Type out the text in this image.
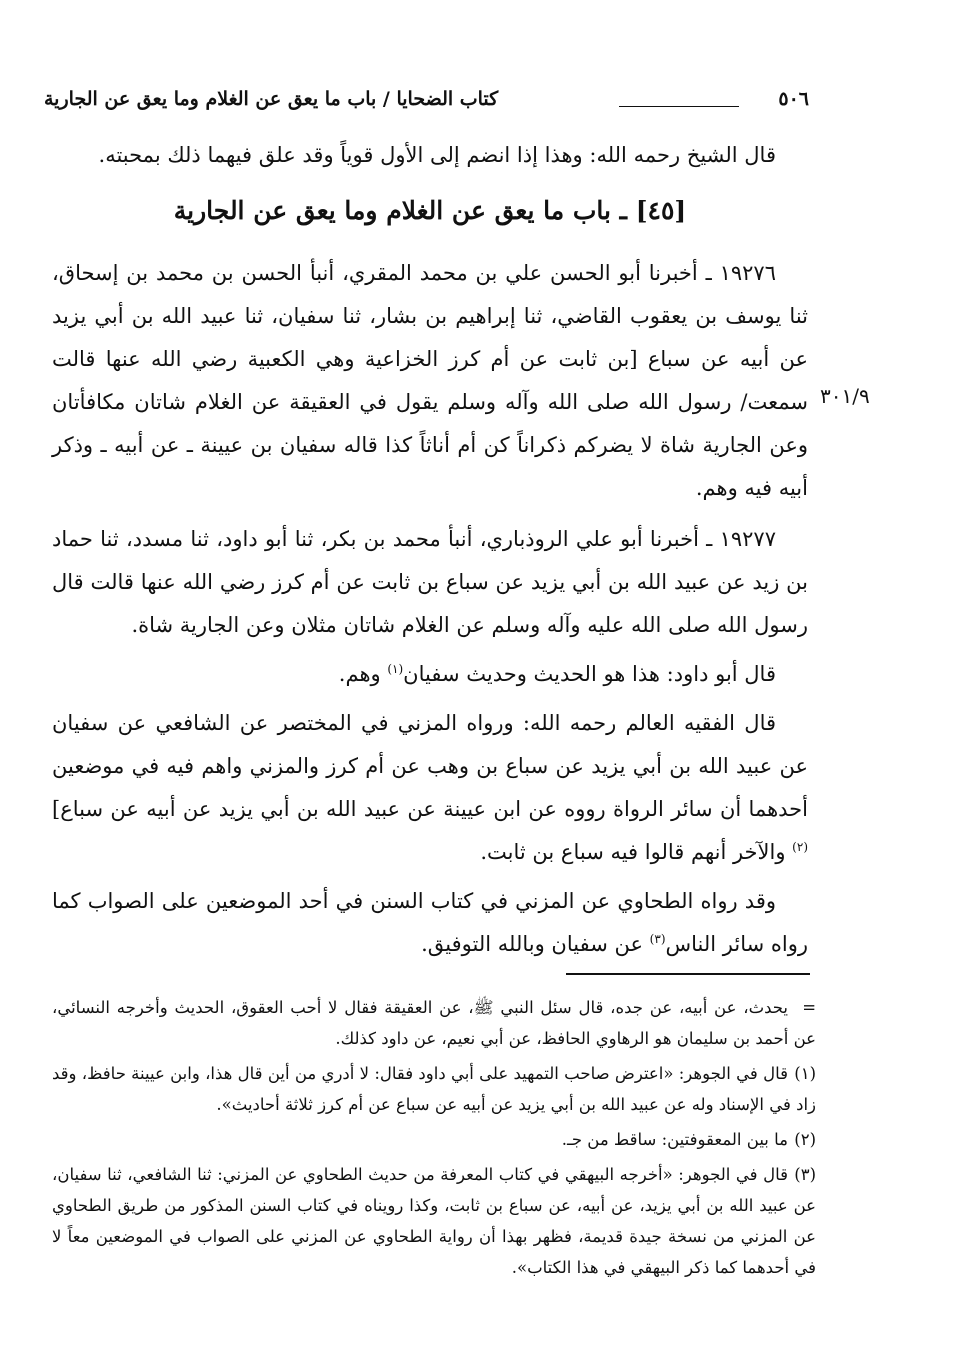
٥٠٦
كتاب الضحايا / باب ما يعق عن الغلام وما يعق عن الجارية

قال الشيخ رحمه الله: وهذا إذا انضم إلى الأول قوياً وقد علق فيهما ذلك بمحبته.

[٤٥] ـ باب ما يعق عن الغلام وما يعق عن الجارية
٣٠١/٩

١٩٢٧٦ ـ أخبرنا أبو الحسن علي بن محمد المقري، أنبأ الحسن بن محمد بن إسحاق، ثنا يوسف بن يعقوب القاضي، ثنا إبراهيم بن بشار، ثنا سفيان، ثنا عبيد الله بن أبي يزيد عن أبيه عن سباع [بن ثابت عن أم كرز الخزاعية وهي الكعبية رضي الله عنها قالت سمعت/ رسول الله صلى الله وآله وسلم يقول في العقيقة عن الغلام شاتان مكافأتان وعن الجارية شاة لا يضركم ذكراناً كن أم أناثاً كذا قاله سفيان بن عيينة ـ عن أبيه ـ وذكر أبيه فيه وهم.

١٩٢٧٧ ـ أخبرنا أبو علي الروذباري، أنبأ محمد بن بكر، ثنا أبو داود، ثنا مسدد، ثنا حماد بن زيد عن عبيد الله بن أبي يزيد عن سباع بن ثابت عن أم كرز رضي الله عنها قالت قال رسول الله صلى الله عليه وآله وسلم عن الغلام شاتان مثلان وعن الجارية شاة.

قال أبو داود: هذا هو الحديث وحديث سفيان$^{(١)}$ وهم.

قال الفقيه العالم رحمه الله: ورواه المزني في المختصر عن الشافعي عن سفيان عن عبيد الله بن أبي يزيد عن سباع بن وهب عن أم كرز والمزني واهم فيه في موضعين أحدهما أن سائر الرواة رووه عن ابن عيينة عن عبيد الله بن أبي يزيد عن أبيه عن سباع]$^{(٢)}$ والآخر أنهم قالوا فيه سباع بن ثابت.

وقد رواه الطحاوي عن المزني في كتاب السنن في أحد الموضعين على الصواب كما رواه سائر الناس$^{(٣)}$ عن سفيان وبالله التوفيق.

=يحدث، عن أبيه، عن جده، قال سئل النبي ﷺ، عن العقيقة فقال لا أحب العقوق، الحديث وأخرجه النسائي، عن أحمد بن سليمان هو الرهاوي الحافظ، عن أبي نعيم، عن داود كذلك.

(١)قال في الجوهر: «اعترض صاحب التمهيد على أبي داود فقال: لا أدري من أين قال هذا، وابن عيينة حافظ، وقد زاد في الإسناد وله عن عبيد الله بن أبي يزيد عن أبيه عن سباع عن أم كرز ثلاثة أحاديث».

(٢)ما بين المعقوفتين: ساقط من جـ.

(٣)قال في الجوهر: «أخرجه البيهقي في كتاب المعرفة من حديث الطحاوي عن المزني: ثنا الشافعي، ثنا سفيان، عن عبيد الله بن أبي يزيد، عن أبيه، عن سباع بن ثابت، وكذا رويناه في كتاب السنن المذكور من طريق الطحاوي عن المزني من نسخة جيدة قديمة، فظهر بهذا أن رواية الطحاوي عن المزني على الصواب في الموضعين معاً لا في أحدهما كما ذكر البيهقي في هذا الكتاب».
